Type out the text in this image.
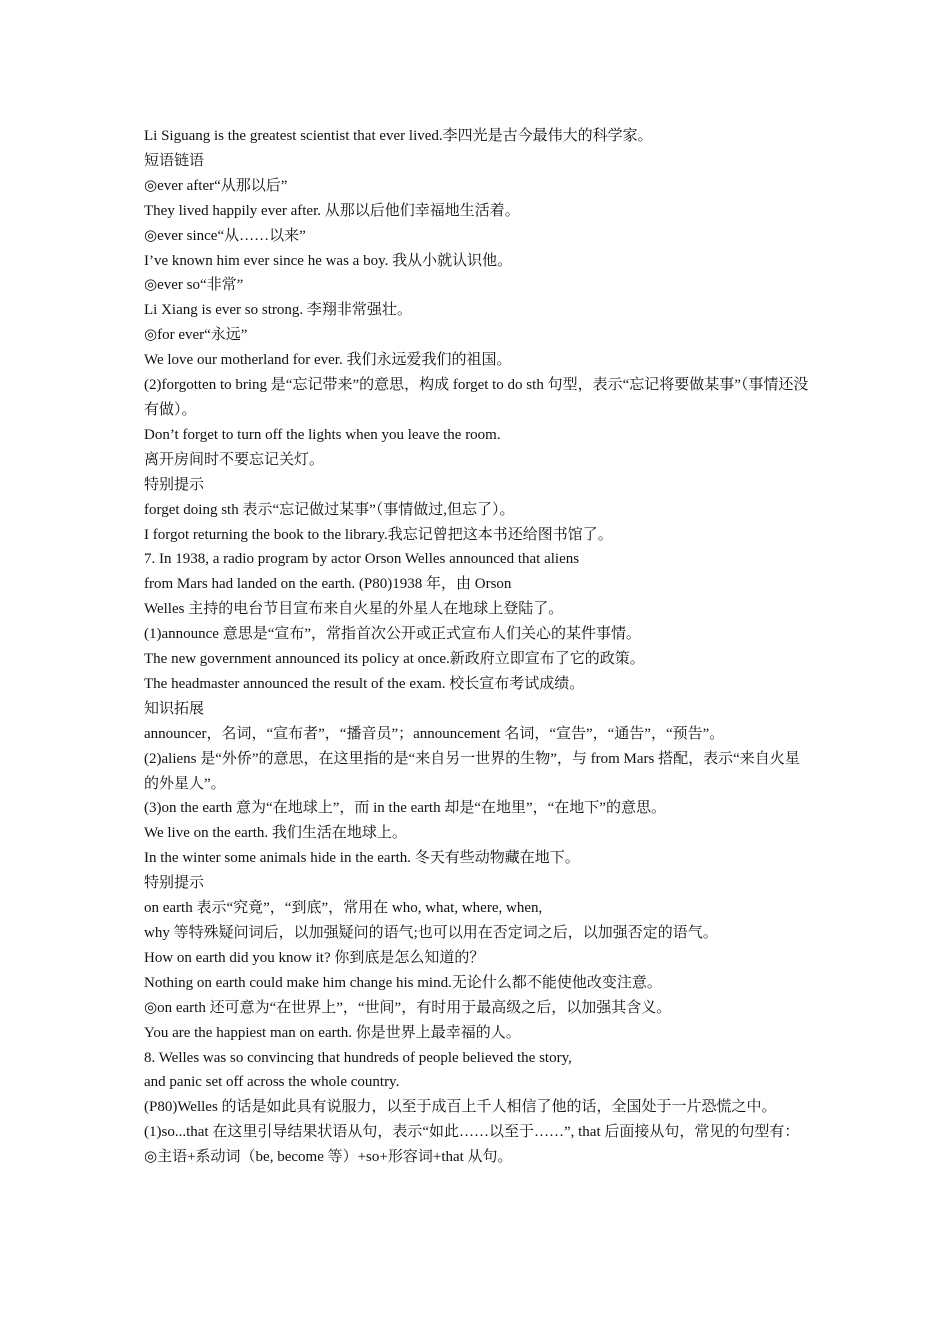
Li Siguang is the greatest scientist that ever lived.李四光是古今最伟大的科学家。
短语链语
◎ever after“从那以后”
They lived happily ever after. 从那以后他们幸福地生活着。
◎ever since“从……以来”
I’ve known him ever since he was a boy. 我从小就认识他。
◎ever so“非常”
Li Xiang is ever so strong. 李翔非常强壮。
◎for ever“永远”
We love our motherland for ever. 我们永远爱我们的祖国。
(2)forgotten to bring 是“忘记带来”的意思，构成 forget to do sth 句型，表示“忘记将要做某事”（事情还没有做）。
Don’t forget to turn off the lights when you leave the room.
离开房间时不要忘记关灯。
特别提示
forget doing sth 表示“忘记做过某事”（事情做过,但忘了）。
I forgot returning the book to the library.我忘记曾把这本书还给图书馆了。
7. In 1938, a radio program by actor Orson Welles announced that aliens
from Mars had landed on the earth. (P80)1938 年，由 Orson
Welles 主持的电台节目宣布来自火星的外星人在地球上登陆了。
(1)announce 意思是“宣布”，常指首次公开或正式宣布人们关心的某件事情。
The new government announced its policy at once.新政府立即宣布了它的政策。
The headmaster announced the result of the exam. 校长宣布考试成绩。
知识拓展
announcer，名词，“宣布者”，“播音员”；announcement 名词，“宣告”，“通告”，“预告”。
(2)aliens 是“外侨”的意思，在这里指的是“来自另一世界的生物”，与 from Mars 搭配，表示“来自火星的外星人”。
(3)on the earth 意为“在地球上”，而 in the earth 却是“在地里”，“在地下”的意思。
We live on the earth. 我们生活在地球上。
In the winter some animals hide in the earth. 冬天有些动物藏在地下。
特别提示
on earth 表示“究竟”，“到底”，常用在 who, what, where, when,
why 等特殊疑问词后，以加强疑问的语气;也可以用在否定词之后，以加强否定的语气。
How on earth did you know it? 你到底是怎么知道的？
Nothing on earth could make him change his mind.无论什么都不能使他改变注意。
◎on earth 还可意为“在世界上”，“世间”，有时用于最高级之后，以加强其含义。
You are the happiest man on earth. 你是世界上最幸福的人。
8. Welles was so convincing that hundreds of people believed the story,
and panic set off across the whole country.
(P80)Welles 的话是如此具有说服力，以至于成百上千人相信了他的话，全国处于一片恐慌之中。
(1)so...that 在这里引导结果状语从句，表示“如此……以至于……”, that 后面接从句，常见的句型有：
◎主语+系动词（be, become 等）+so+形容词+that 从句。
